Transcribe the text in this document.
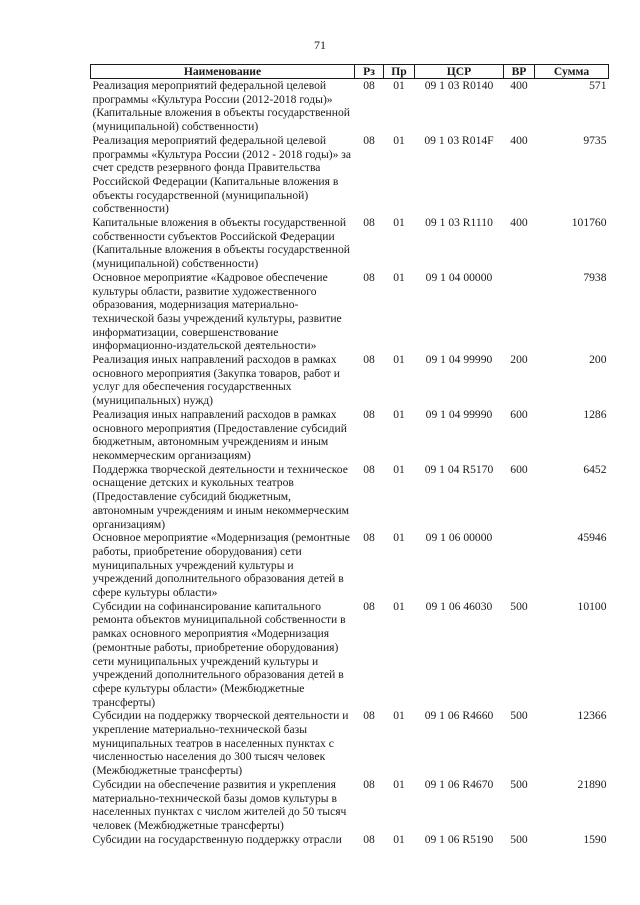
71
Наименование	Рз	Пр	ЦСР	ВР	Сумма
Реализация мероприятий федеральной целевой программы «Культура России (2012-2018 годы)» (Капитальные вложения в объекты государственной (муниципальной) собственности)	08	01	09 1 03 R0140	400	571
Реализация мероприятий федеральной целевой программы «Культура России (2012 - 2018 годы)» за счет средств резервного фонда Правительства Российской Федерации (Капитальные вложения в объекты государственной (муниципальной) собственности)	08	01	09 1 03 R014F	400	9735
Капитальные вложения в объекты государственной собственности субъектов Российской Федерации (Капитальные вложения в объекты государственной (муниципальной) собственности)	08	01	09 1 03 R1110	400	101760
Основное мероприятие «Кадровое обеспечение культуры области, развитие художественного образования, модернизация материально-технической базы учреждений культуры, развитие информатизации, совершенствование информационно-издательской деятельности»	08	01	09 1 04 00000		7938
Реализация иных направлений расходов в рамках основного мероприятия (Закупка товаров, работ и услуг для обеспечения государственных (муниципальных) нужд)	08	01	09 1 04 99990	200	200
Реализация иных направлений расходов в рамках основного мероприятия (Предоставление субсидий бюджетным, автономным учреждениям и иным некоммерческим организациям)	08	01	09 1 04 99990	600	1286
Поддержка творческой деятельности и техническое оснащение детских и кукольных театров (Предоставление субсидий бюджетным, автономным учреждениям и иным некоммерческим организациям)	08	01	09 1 04 R5170	600	6452
Основное мероприятие «Модернизация (ремонтные работы, приобретение оборудования) сети муниципальных учреждений культуры и учреждений дополнительного образования детей в сфере культуры области»	08	01	09 1 06 00000		45946
Субсидии на софинансирование капитального ремонта объектов муниципальной собственности в рамках основного мероприятия «Модернизация (ремонтные работы, приобретение оборудования) сети муниципальных учреждений культуры и учреждений дополнительного образования детей в сфере культуры области» (Межбюджетные трансферты)	08	01	09 1 06 46030	500	10100
Субсидии на поддержку творческой деятельности и укрепление материально-технической базы муниципальных театров в населенных пунктах с численностью населения до 300 тысяч человек (Межбюджетные трансферты)	08	01	09 1 06 R4660	500	12366
Субсидии на обеспечение развития и укрепления материально-технической базы домов культуры в населенных пунктах с числом жителей до 50 тысяч человек (Межбюджетные трансферты)	08	01	09 1 06 R4670	500	21890
Субсидии на государственную поддержку отрасли	08	01	09 1 06 R5190	500	1590
